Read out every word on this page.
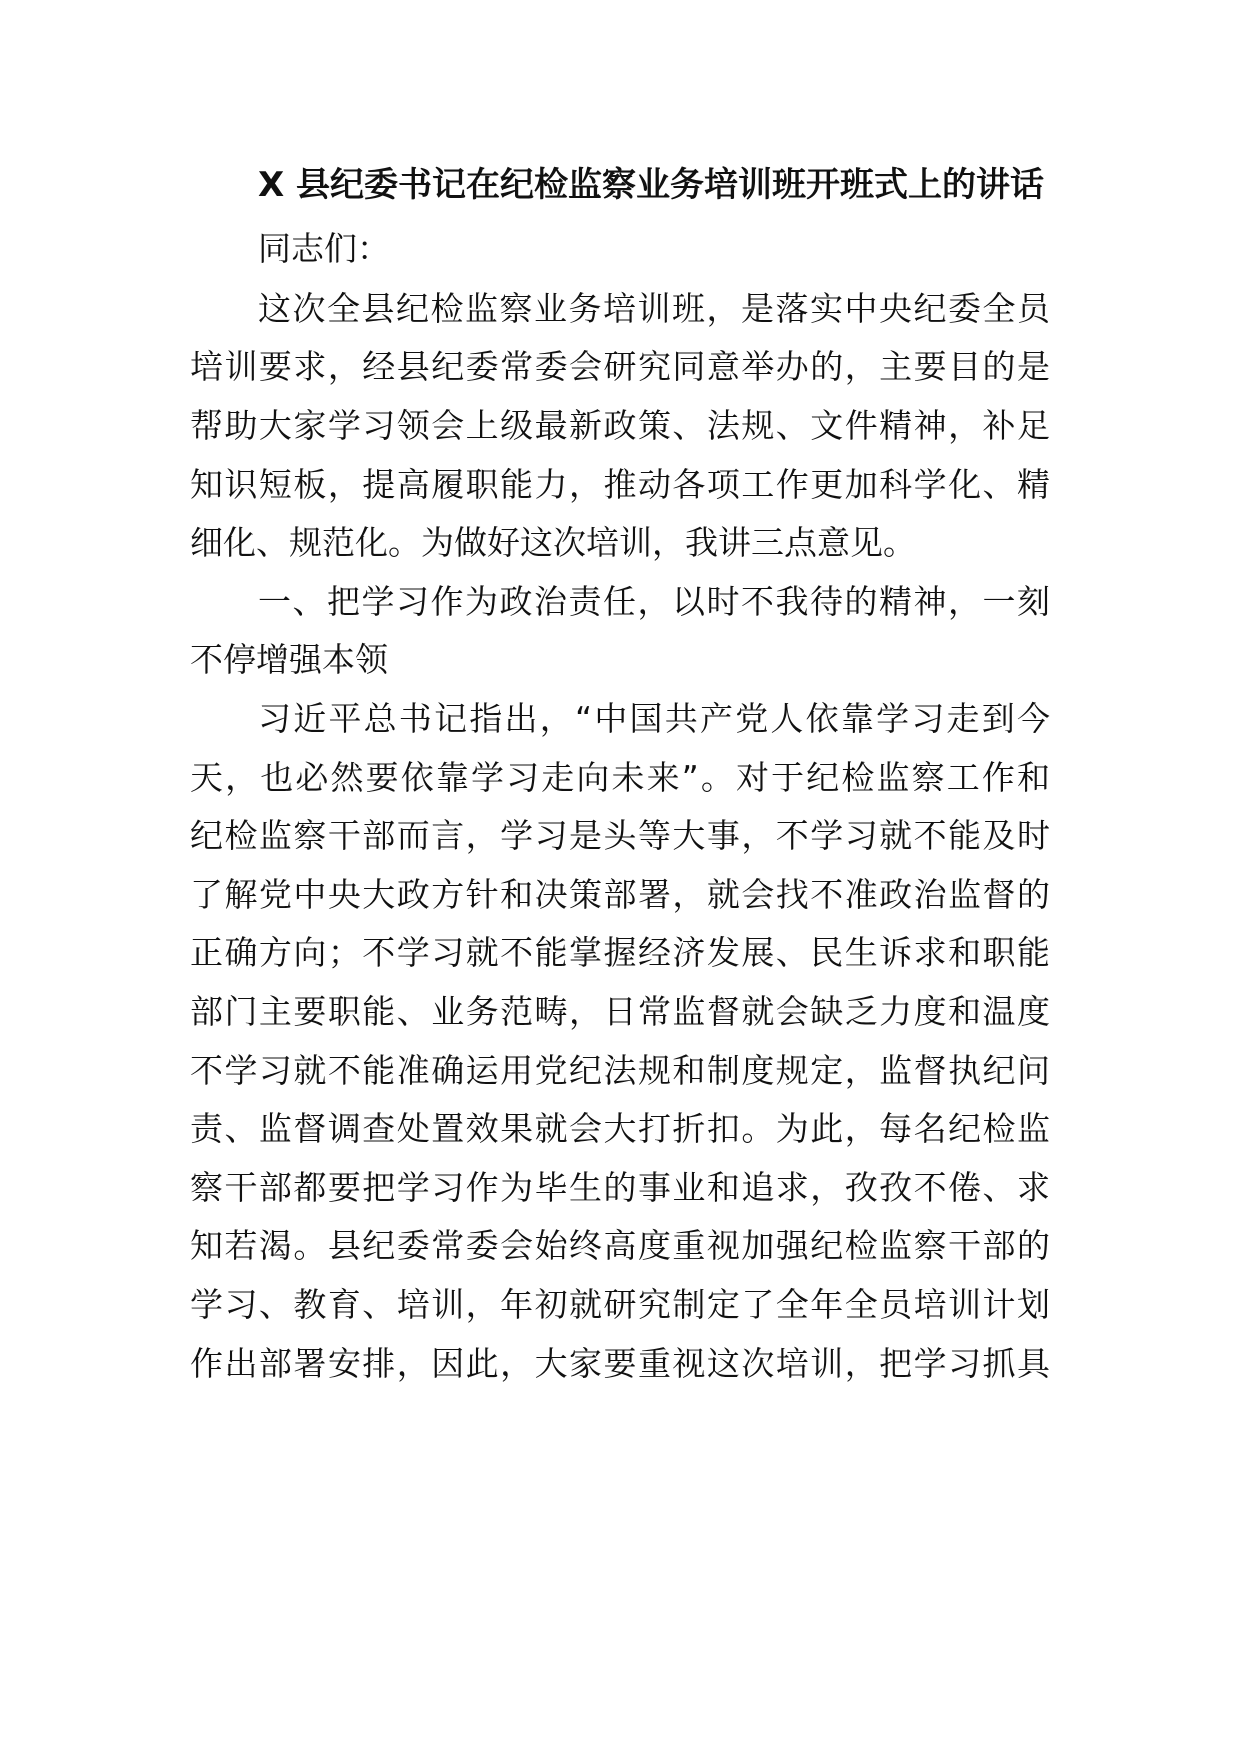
X 县纪委书记在纪检监察业务培训班开班式上的讲话

同志们：

这次全县纪检监察业务培训班，是落实中央纪委全员

培训要求，经县纪委常委会研究同意举办的，主要目的是

帮助大家学习领会上级最新政策、法规、文件精神，补足

知识短板，提高履职能力，推动各项工作更加科学化、精

细化、规范化。为做好这次培训，我讲三点意见。

一、把学习作为政治责任，以时不我待的精神，一刻

不停增强本领

习近平总书记指出，“中国共产党人依靠学习走到今

天，也必然要依靠学习走向未来”。对于纪检监察工作和

纪检监察干部而言，学习是头等大事，不学习就不能及时

了解党中央大政方针和决策部署，就会找不准政治监督的

正确方向；不学习就不能掌握经济发展、民生诉求和职能

部门主要职能、业务范畴，日常监督就会缺乏力度和温度

不学习就不能准确运用党纪法规和制度规定，监督执纪问

责、监督调查处置效果就会大打折扣。为此，每名纪检监

察干部都要把学习作为毕生的事业和追求，孜孜不倦、求

知若渴。县纪委常委会始终高度重视加强纪检监察干部的

学习、教育、培训，年初就研究制定了全年全员培训计划

作出部署安排，因此，大家要重视这次培训，把学习抓具
